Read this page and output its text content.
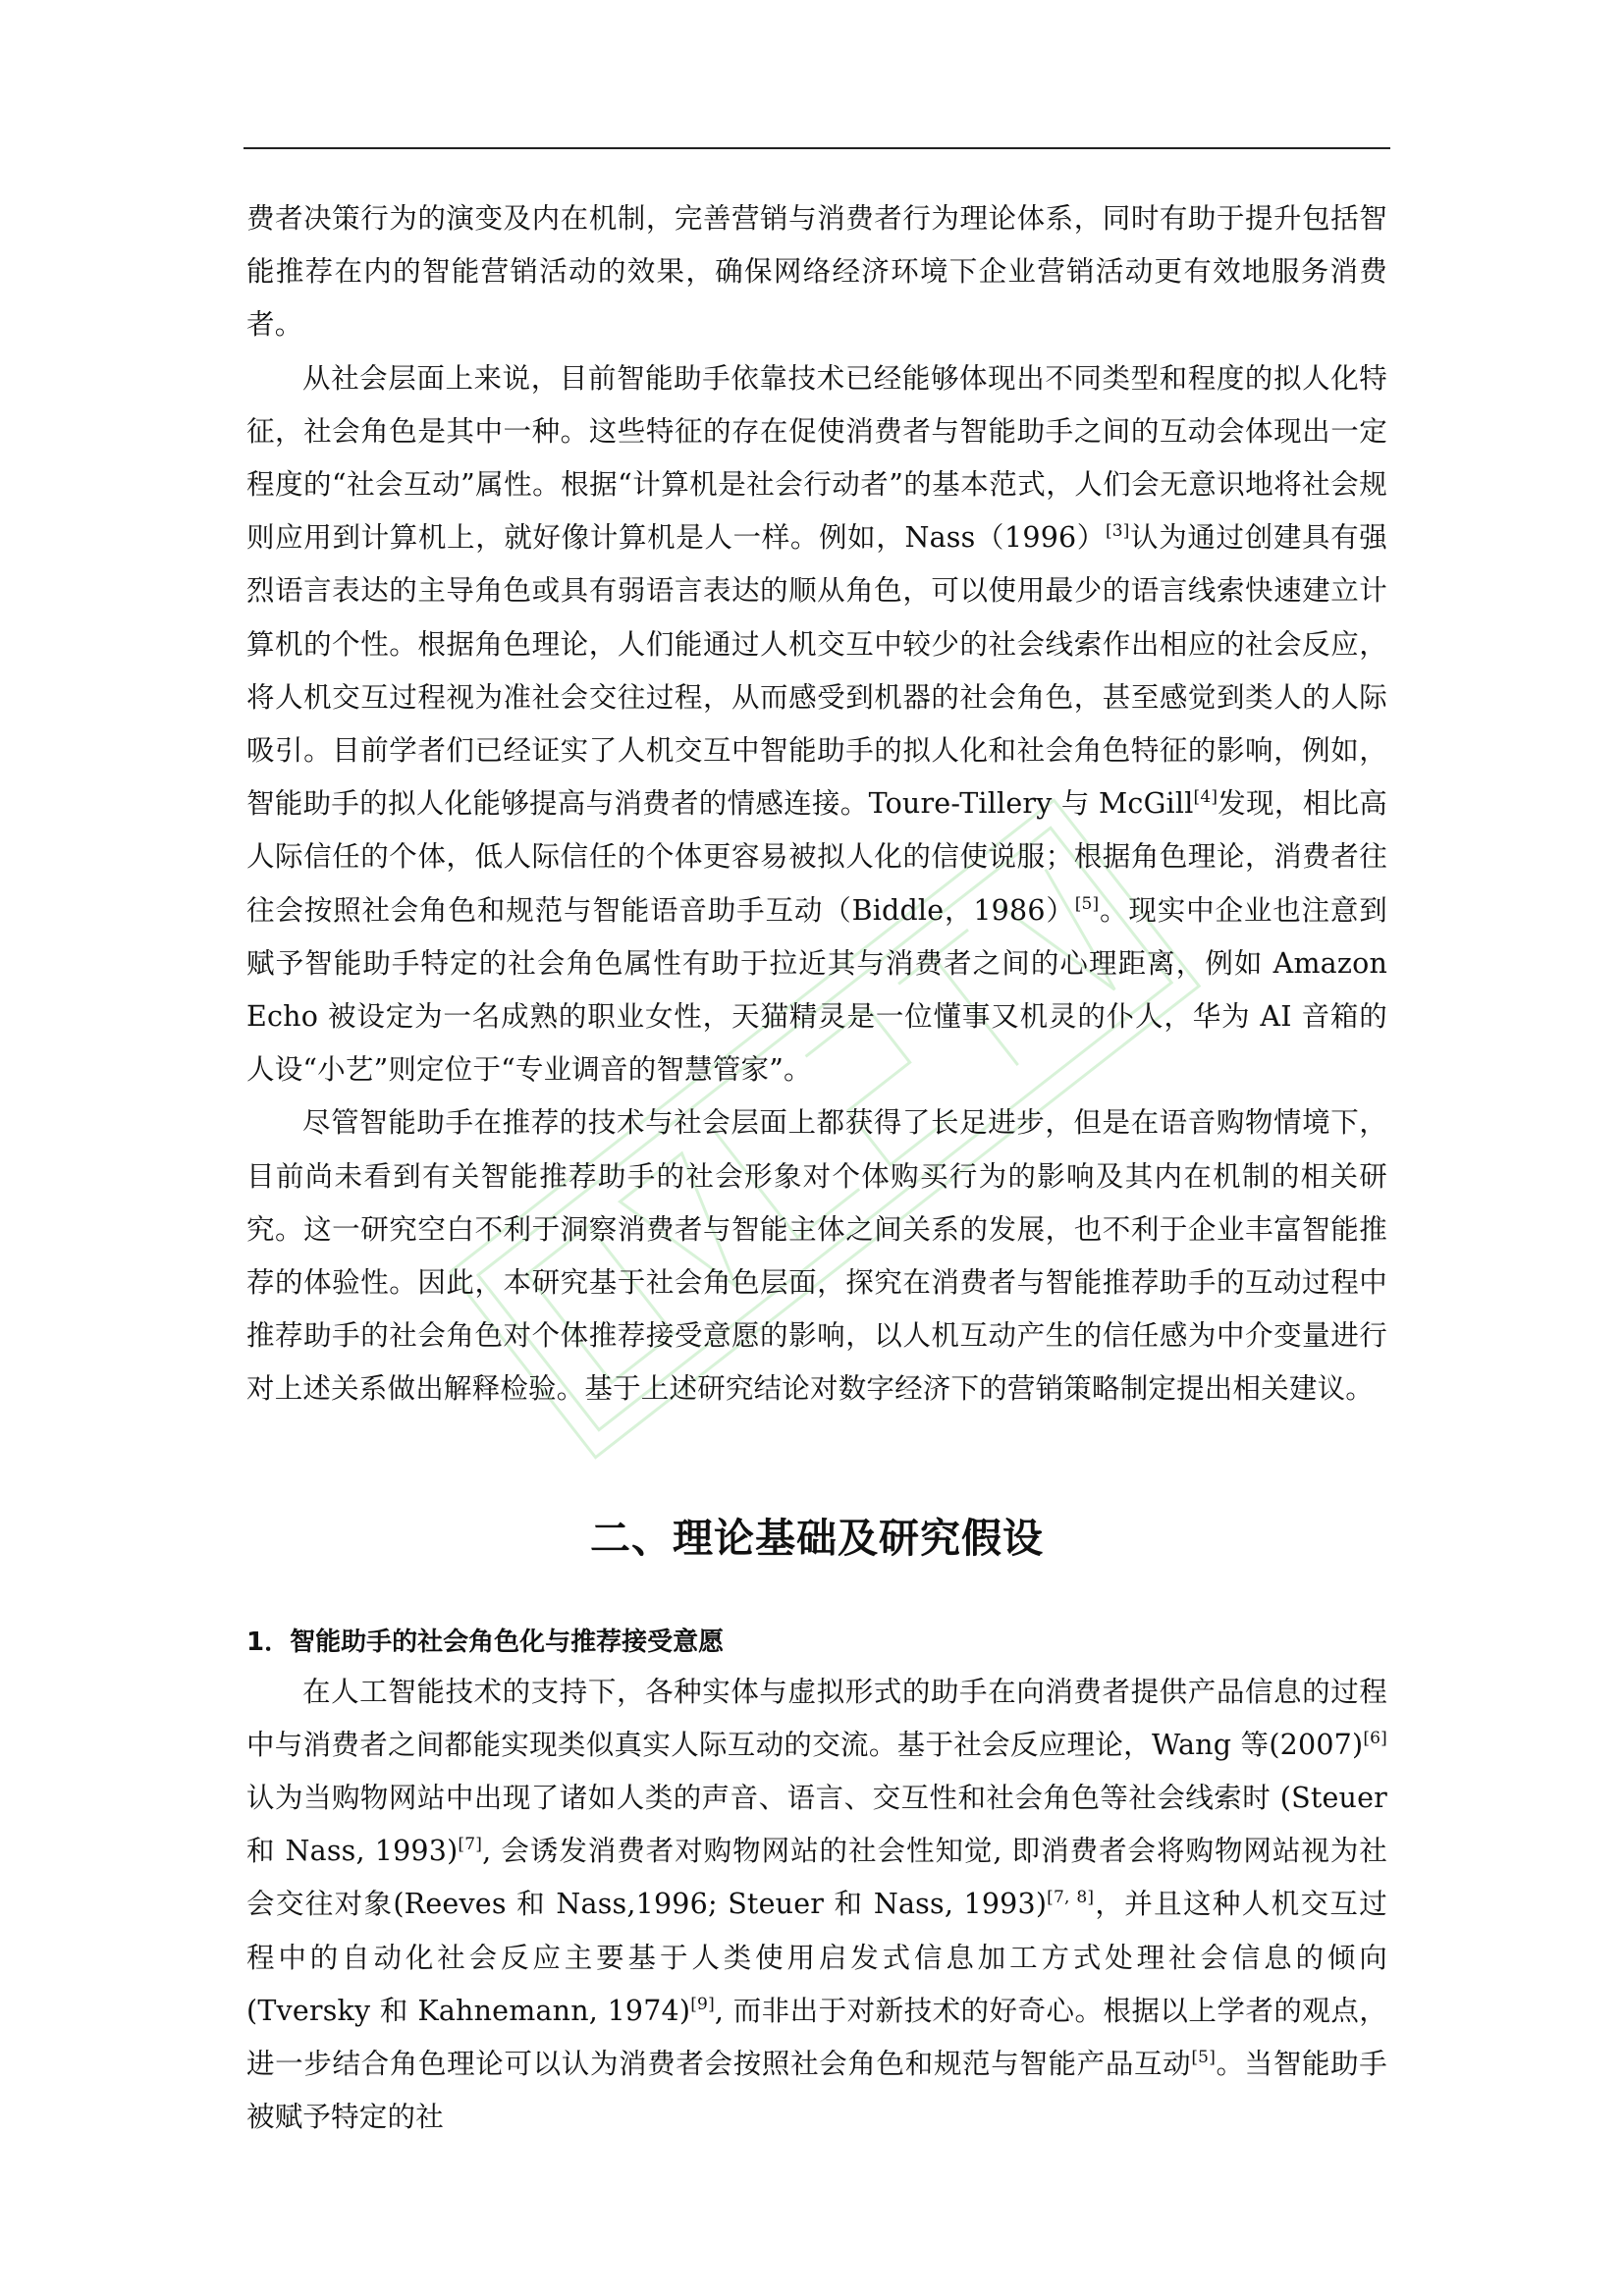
费者决策行为的演变及内在机制，完善营销与消费者行为理论体系，同时有助于提升包括智能推荐在内的智能营销活动的效果，确保网络经济环境下企业营销活动更有效地服务消费者。

从社会层面上来说，目前智能助手依靠技术已经能够体现出不同类型和程度的拟人化特征，社会角色是其中一种。这些特征的存在促使消费者与智能助手之间的互动会体现出一定程度的“社会互动”属性。根据“计算机是社会行动者”的基本范式，人们会无意识地将社会规则应用到计算机上，就好像计算机是人一样。例如，Nass（1996）[3]认为通过创建具有强烈语言表达的主导角色或具有弱语言表达的顺从角色，可以使用最少的语言线索快速建立计算机的个性。根据角色理论，人们能通过人机交互中较少的社会线索作出相应的社会反应，将人机交互过程视为准社会交往过程，从而感受到机器的社会角色，甚至感觉到类人的人际吸引。目前学者们已经证实了人机交互中智能助手的拟人化和社会角色特征的影响，例如，智能助手的拟人化能够提高与消费者的情感连接。Toure-Tillery 与 McGill[4]发现，相比高人际信任的个体，低人际信任的个体更容易被拟人化的信使说服；根据角色理论，消费者往往会按照社会角色和规范与智能语音助手互动（Biddle，1986）[5]。现实中企业也注意到赋予智能助手特定的社会角色属性有助于拉近其与消费者之间的心理距离，例如 Amazon Echo 被设定为一名成熟的职业女性，天猫精灵是一位懂事又机灵的仆人，华为 AI 音箱的人设“小艺”则定位于“专业调音的智慧管家”。

尽管智能助手在推荐的技术与社会层面上都获得了长足进步，但是在语音购物情境下，目前尚未看到有关智能推荐助手的社会形象对个体购买行为的影响及其内在机制的相关研究。这一研究空白不利于洞察消费者与智能主体之间关系的发展，也不利于企业丰富智能推荐的体验性。因此，本研究基于社会角色层面，探究在消费者与智能推荐助手的互动过程中推荐助手的社会角色对个体推荐接受意愿的影响，以人机互动产生的信任感为中介变量进行对上述关系做出解释检验。基于上述研究结论对数字经济下的营销策略制定提出相关建议。

二、理论基础及研究假设
1．智能助手的社会角色化与推荐接受意愿

在人工智能技术的支持下，各种实体与虚拟形式的助手在向消费者提供产品信息的过程中与消费者之间都能实现类似真实人际互动的交流。基于社会反应理论，Wang 等(2007)[6]认为当购物网站中出现了诸如人类的声音、语言、交互性和社会角色等社会线索时 (Steuer 和 Nass, 1993)[7], 会诱发消费者对购物网站的社会性知觉, 即消费者会将购物网站视为社会交往对象(Reeves 和 Nass,1996; Steuer 和 Nass, 1993)[7, 8]，并且这种人机交互过程中的自动化社会反应主要基于人类使用启发式信息加工方式处理社会信息的倾向 (Tversky 和 Kahnemann, 1974)[9], 而非出于对新技术的好奇心。根据以上学者的观点，进一步结合角色理论可以认为消费者会按照社会角色和规范与智能产品互动[5]。当智能助手被赋予特定的社
